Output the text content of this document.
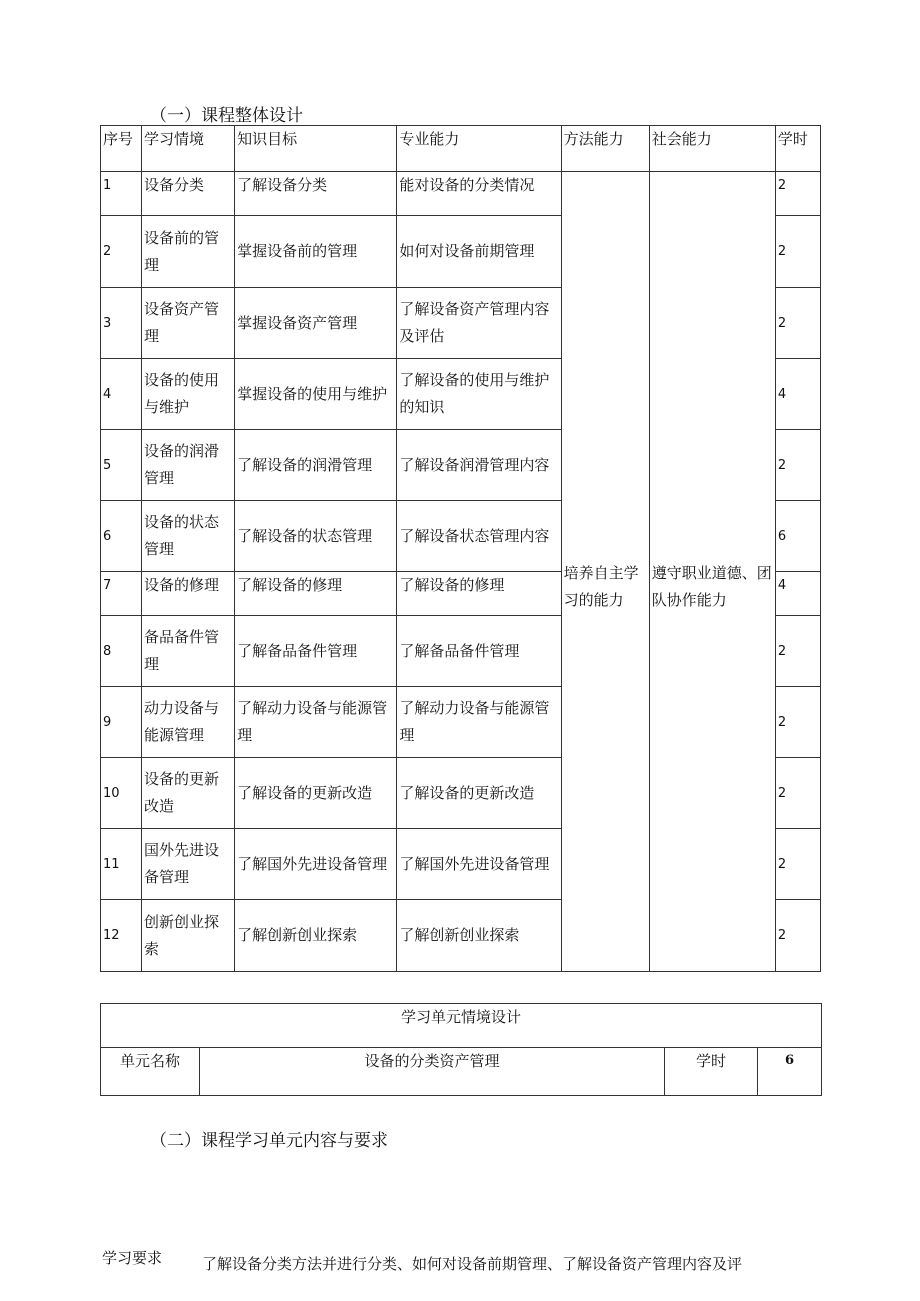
（一）课程整体设计
序号	学习情境	知识目标	专业能力	方法能力	社会能力	学时
1	设备分类	了解设备分类	能对设备的分类情况	培养自主学习的能力	遵守职业道德、团队协作能力	2
2	设备前的管理	掌握设备前的管理	如何对设备前期管理			2
3	设备资产管理	掌握设备资产管理	了解设备资产管理内容及评估			2
4	设备的使用与维护	掌握设备的使用与维护	了解设备的使用与维护的知识			4
5	设备的润滑管理	了解设备的润滑管理	了解设备润滑管理内容			2
6	设备的状态管理	了解设备的状态管理	了解设备状态管理内容			6
7	设备的修理	了解设备的修理	了解设备的修理			4
8	备品备件管理	了解备品备件管理	了解备品备件管理			2
9	动力设备与能源管理	了解动力设备与能源管理	了解动力设备与能源管理			2
10	设备的更新改造	了解设备的更新改造	了解设备的更新改造			2
11	国外先进设备管理	了解国外先进设备管理	了解国外先进设备管理			2
12	创新创业探索	了解创新创业探索	了解创新创业探索			2
学习单元情境设计
单元名称	设备的分类资产管理	学时	6
（二）课程学习单元内容与要求
学习要求	了解设备分类方法并进行分类、如何对设备前期管理、了解设备资产管理内容及评
